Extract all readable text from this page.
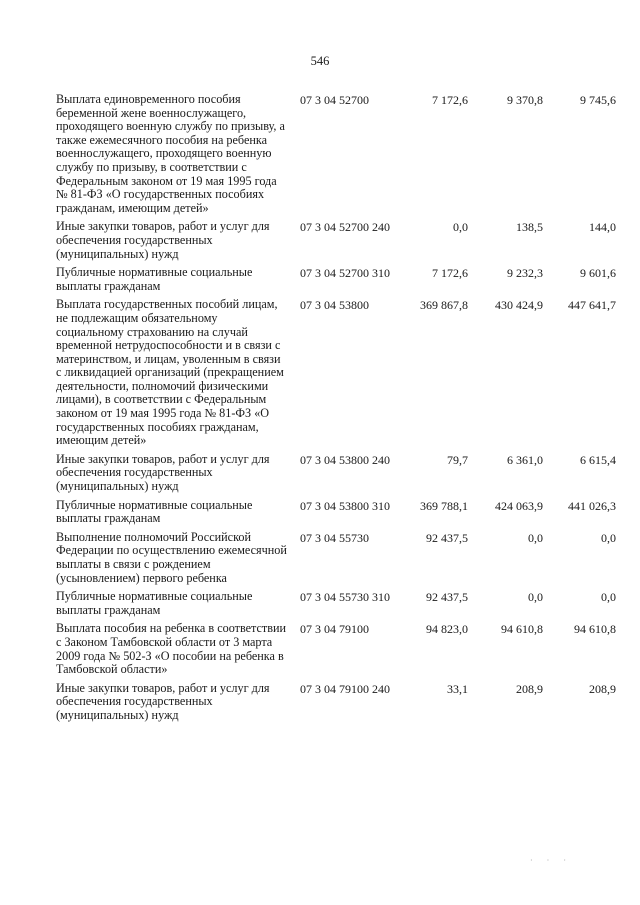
546
Выплата единовременного пособия беременной жене военнослужащего, проходящего военную службу по призыву, а также ежемесячного пособия на ребенка военнослужащего, проходящего военную службу по призыву, в соответствии с Федеральным законом от 19 мая 1995 года № 81-ФЗ «О государственных пособиях гражданам, имеющим детей»
07 3 04 52700	7 172,6	9 370,8	9 745,6
Иные закупки товаров, работ и услуг для обеспечения государственных (муниципальных) нужд
07 3 04 52700 240	0,0	138,5	144,0
Публичные нормативные социальные выплаты гражданам
07 3 04 52700 310	7 172,6	9 232,3	9 601,6
Выплата государственных пособий лицам, не подлежащим обязательному социальному страхованию на случай временной нетрудоспособности и в связи с материнством, и лицам, уволенным в связи с ликвидацией организаций (прекращением деятельности, полномочий физическими лицами), в соответствии с Федеральным законом от 19 мая 1995 года № 81-ФЗ «О государственных пособиях гражданам, имеющим детей»
07 3 04 53800	369 867,8	430 424,9	447 641,7
Иные закупки товаров, работ и услуг для обеспечения государственных (муниципальных) нужд
07 3 04 53800 240	79,7	6 361,0	6 615,4
Публичные нормативные социальные выплаты гражданам
07 3 04 53800 310	369 788,1	424 063,9	441 026,3
Выполнение полномочий Российской Федерации по осуществлению ежемесячной выплаты в связи с рождением (усыновлением) первого ребенка
07 3 04 55730	92 437,5	0,0	0,0
Публичные нормативные социальные выплаты гражданам
07 3 04 55730 310	92 437,5	0,0	0,0
Выплата пособия на ребенка в соответствии с Законом Тамбовской области от 3 марта 2009 года № 502-З «О пособии на ребенка в Тамбовской области»
07 3 04 79100	94 823,0	94 610,8	94 610,8
Иные закупки товаров, работ и услуг для обеспечения государственных (муниципальных) нужд
07 3 04 79100 240	33,1	208,9	208,9
· · ·
